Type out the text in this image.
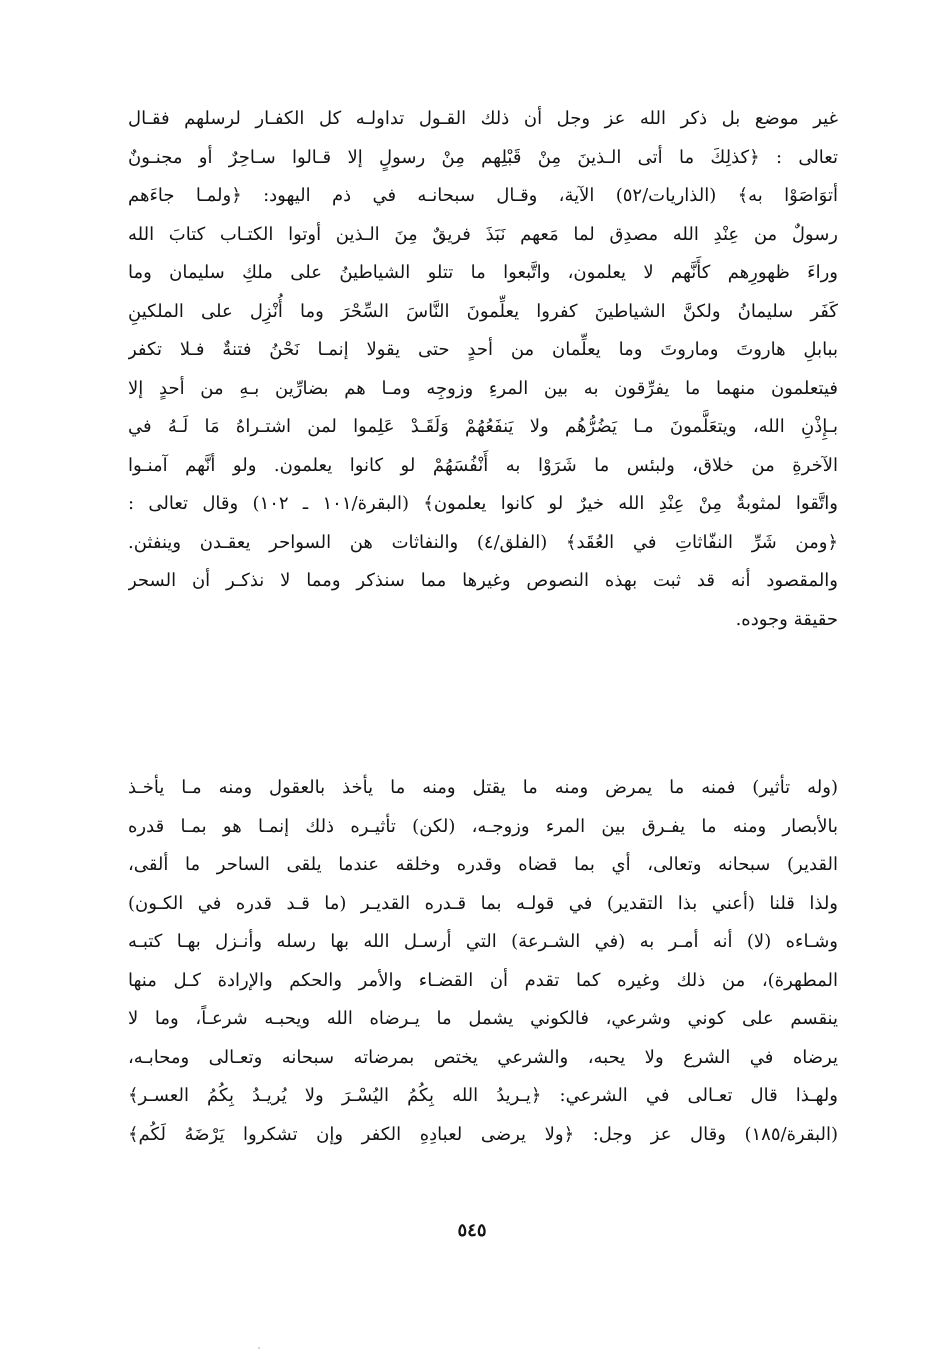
غير موضع بل ذكر الله عز وجل أن ذلك القـول تداولـه كل الكفـار لرسلهم فقـال
تعالى : ﴿كذلِكَ ما أتى الـذينَ مِنْ قَبْلِهم مِنْ رسولٍ إلا قـالوا سـاحِرٌ أو مجنـونٌ
أتوَاصَوْا به﴾ (الذاريات/٥٢) الآية، وقـال سبحانـه في ذم اليهود: ﴿ولمـا جاءَهم
رسولٌ من عِنْدِ الله مصدِق لما مَعهم نَبَذَ فريقٌ مِنَ الـذين أوتوا الكتـاب كتابَ الله
وراءَ ظهورِهم كأَنَّهم لا يعلمون، واتَّبعوا ما تتلو الشياطينُ على ملكِ سليمان وما
كَفَر سليمانُ ولكنَّ الشياطينَ كفروا يعلِّمونَ النَّاسَ السِّحْرَ وما أُنْزِل على الملكينِ
ببابلِ هاروتَ وماروتَ وما يعلِّمان من أحدٍ حتى يقولا إنمـا نَحْنُ فتنةٌ فـلا تكفر
فيتعلمون منهما ما يفرِّقون به بين المرءِ وزوجِه ومـا هم بضارِّين بـهِ من أحدٍ إلا
بـإِذْنِ الله، ويتعَلَّمونَ مـا يَضُرُّهُم ولا يَنفَعُهُمْ وَلَقَـدْ عَلِموا لمن اشتـراهُ مَا لَـهُ في
الآخرةِ من خلاق، ولبئس ما شَرَوْا به أَنْفُسَهُمْ لو كانوا يعلمون. ولو أنَّهم آمنـوا
واتَّقوا لمثوبةٌ مِنْ عِنْدِ الله خيرٌ لو كانوا يعلمون﴾ (البقرة/١٠١ ـ ١٠٢) وقال تعالى :
﴿ومن شَرِّ النفّاثاتِ في العُقَد﴾ (الفلق/٤) والنفاثات هن السواحر يعقـدن وينفثن.
والمقصود أنه قد ثبت بهذه النصوص وغيرها مما سنذكر ومما لا نذكـر أن السحر
حقيقة وجوده.
(وله تأثير) فمنه ما يمرض ومنه ما يقتل ومنه ما يأخذ بالعقول ومنه مـا يأخـذ
بالأبصار ومنه ما يفـرق بين المرء وزوجـه، (لكن) تأثيـره ذلك إنمـا هو بمـا قدره
القدير) سبحانه وتعالى، أي بما قضاه وقدره وخلقه عندما يلقى الساحر ما ألقى،
ولذا قلنا (أعني بذا التقدير) في قولـه بما قـدره القديـر (ما قـد قدره في الكـون)
وشـاءه (لا) أنه أمـر به (في الشـرعة) التي أرسـل الله بها رسله وأنـزل بهـا كتبـه
المطهرة)، من ذلك وغيره كما تقدم أن القضـاء والأمر والحكم والإرادة كـل منها
ينقسم على كوني وشرعي، فالكوني يشمل ما يـرضاه الله ويحبـه شرعـاً، وما لا
يرضاه في الشرع ولا يحبه، والشرعي يختص بمرضاته سبحانه وتعـالى ومحابـه،
ولهـذا قال تعـالى في الشرعي: ﴿يـريدُ الله بِكُمُ اليُسْـرَ ولا يُريـدُ بِكُمُ العسـر﴾
(البقرة/١٨٥) وقال عز وجل: ﴿ولا يرضى لعبادِهِ الكفر وإن تشكروا يَرْضَهُ لَكُم﴾
٥٤٥
